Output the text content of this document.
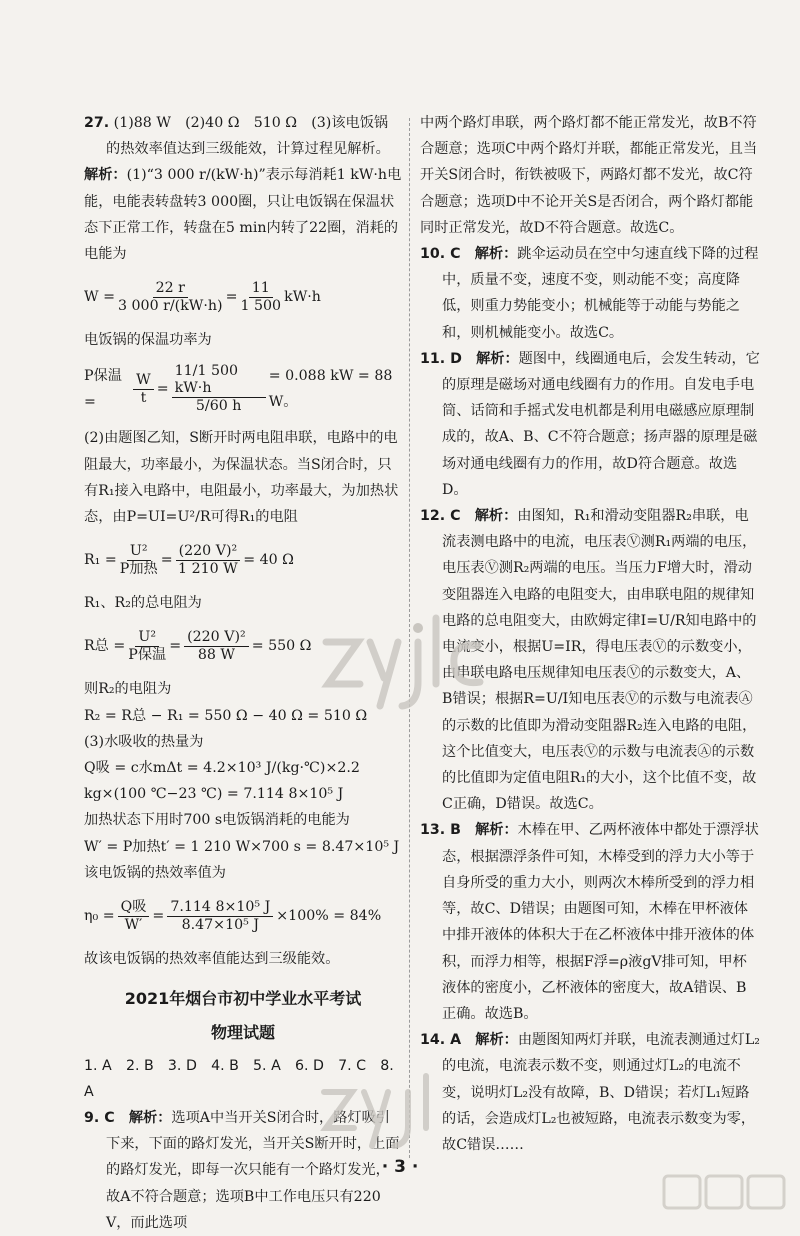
27. (1)88 W　(2)40 Ω　510 Ω　(3)该电饭锅的热效率值达到三级能效，计算过程见解析。

解析：(1)“3 000 r/(kW·h)”表示每消耗1 kW·h电能，电能表转盘转3 000圈，只让电饭锅在保温状态下正常工作，转盘在5 min内转了22圈，消耗的电能为

$W = \frac{22 r}{3 000 r/(kW\cdot h)} = \frac{11}{1 500} kW\cdot h$

电饭锅的保温功率为

P保温 =	$\frac{W}{t} = \frac{11/1 500 kW\cdot h}{5/60 h} = 0.088$ kW = 88 W。

(2)由题图乙知，S断开时两电阻串联，电路中的电阻最大，功率最小，为保温状态。当S闭合时，只有R₁接入电路中，电阻最小，功率最大，为加热状态，由P=UI=U²/R可得R₁的电阻

$R_1 = \frac{\text{U²}}{\text{P加热}} = \frac{\text{(220 V)²}}{1 210 W} = 40$ Ω

R₁、R₂的总电阻为

R总 = $\frac{\text{U²}}{\text{P保温}} = \frac{\text{(220 V)²}}{88 W} = 550$ Ω

则R₂的电阻为

R₂ = R总 − R₁ = 550 Ω − 40 Ω = 510 Ω

(3)水吸收的热量为

Q吸 = c水mΔt = 4.2×10³ J/(kg·℃)×2.2 kg×(100 ℃−23 ℃) = 7.114 8×10⁵ J

加热状态下用时700 s电饭锅消耗的电能为

W′ = P加热t′ = 1 210 W×700 s = 8.47×10⁵ J

该电饭锅的热效率值为

$\eta_0 = \frac{\text{Q吸}}{W'} = \frac{\text{7.114 8×10⁵ J}}{\text{8.47×10⁵ J}} \times 100\% = 84\%$

故该电饭锅的热效率值能达到三级能效。

2021年烟台市初中学业水平考试

物理试题

1. A　2. B　3. D　4. B　5. A　6. D　7. C　8. A

9. C　 解析：选项A中当开关S闭合时，路灯吸引下来，下面的路灯发光，当开关S断开时，上面的路灯发光，即每一次只能有一个路灯发光，故A不符合题意；选项B中工作电压只有220 V，而此选项

中两个路灯串联，两个路灯都不能正常发光，故B不符合题意；选项C中两个路灯并联，都能正常发光，且当开关S闭合时，衔铁被吸下，两路灯都不发光，故C符合题意；选项D中不论开关S是否闭合，两个路灯都能同时正常发光，故D不符合题意。故选C。

10. C　 解析：跳伞运动员在空中匀速直线下降的过程中，质量不变，速度不变，则动能不变；高度降低，则重力势能变小；机械能等于动能与势能之和，则机械能变小。故选C。

11. D　 解析：题图中，线圈通电后，会发生转动，它的原理是磁场对通电线圈有力的作用。自发电手电筒、话筒和手摇式发电机都是利用电磁感应原理制成的，故A、B、C不符合题意；扬声器的原理是磁场对通电线圈有力的作用，故D符合题意。故选D。

12. C　 解析：由图知，R₁和滑动变阻器R₂串联，电流表测电路中的电流，电压表Ⓥ测R₁两端的电压，电压表Ⓥ测R₂两端的电压。当压力F增大时，滑动变阻器连入电路的电阻变大，由串联电阻的规律知电路的总电阻变大，由欧姆定律I=U/R知电路中的电流变小，根据U=IR，得电压表Ⓥ的示数变小，由串联电路电压规律知电压表Ⓥ的示数变大，A、B错误；根据R=U/I知电压表Ⓥ的示数与电流表Ⓐ的示数的比值即为滑动变阻器R₂连入电路的电阻，这个比值变大，电压表Ⓥ的示数与电流表Ⓐ的示数的比值即为定值电阻R₁的大小，这个比值不变，故C正确，D错误。故选C。

13. B　 解析：木棒在甲、乙两杯液体中都处于漂浮状态，根据漂浮条件可知，木棒受到的浮力大小等于自身所受的重力大小，则两次木棒所受到的浮力相等，故C、D错误；由题图可知，木棒在甲杯液体中排开液体的体积大于在乙杯液体中排开液体的体积，而浮力相等，根据F浮=ρ液gV排可知，甲杯液体的密度小，乙杯液体的密度大，故A错误、B正确。故选B。

14. A　 解析：由题图知两灯并联，电流表测通过灯L₂的电流，电流表示数不变，则通过灯L₂的电流不变，说明灯L₂没有故障，B、D错误；若灯L₁短路的话，会造成灯L₂也被短路，电流表示数变为零，故C错误……

· 3 ·
